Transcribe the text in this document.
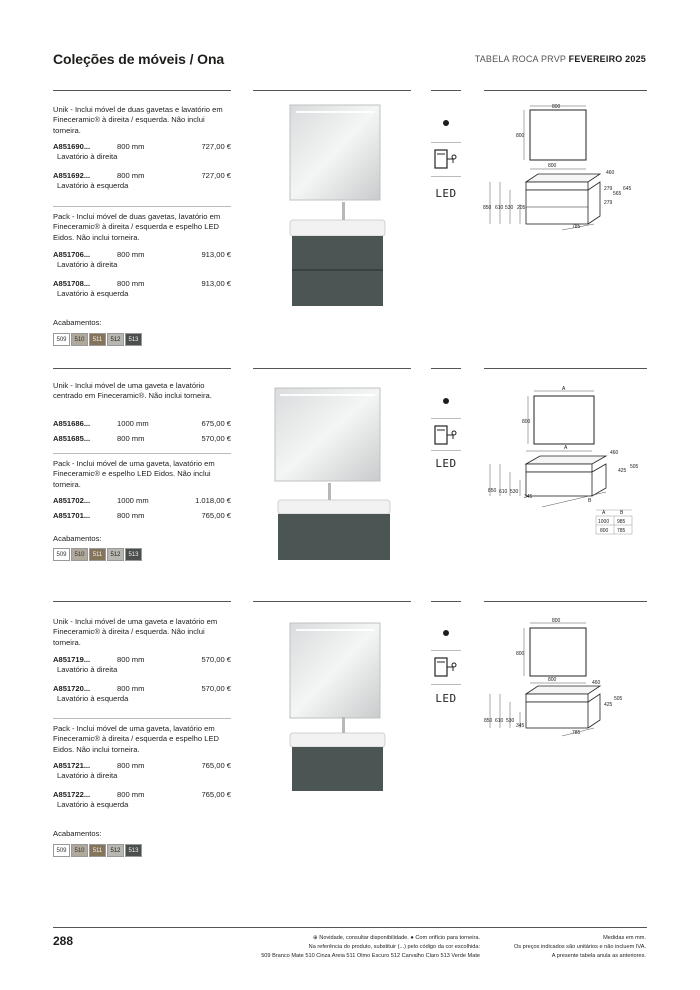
Coleções de móveis / Ona	TABELA ROCA PRVP FEVEREIRO 2025
Unik - Inclui móvel de duas gavetas e lavatório em Fineceramic® à direita / esquerda. Não inclui torneira.
A851690...	800 mm	727,00 €
Lavatório à direita
A851692...	800 mm	727,00 €
Lavatório à esquerda
Pack - Inclui móvel de duas gavetas, lavatório em Fineceramic® à direita / esquerda e espelho LED Eidos. Não inclui torneira.
A851706...	800 mm	913,00 €
Lavatório à direita
A851708...	800 mm	913,00 €
Lavatório à esquerda
Acabamentos:
509	510	511	512	513
LED
800
800
800
460
279
565
645
279
850 610 530 205
785
Unik - Inclui móvel de uma gaveta e lavatório centrado em Fineceramic®. Não inclui torneira.
A851686...	1000 mm	675,00 €
A851685...	800 mm	570,00 €
Pack - Inclui móvel de uma gaveta, lavatório em Fineceramic® e espelho LED Eidos. Não inclui torneira.
A851702...	1000 mm	1.018,00 €
A851701...	800 mm	765,00 €
Acabamentos:
509	510	511	512	513
LED
A
800
A
460
505
425
850 610 530
345
B
A	B
1000 985
800 785
Unik - Inclui móvel de uma gaveta e lavatório em Fineceramic® à direita / esquerda. Não inclui torneira.
A851719...	800 mm	570,00 €
Lavatório à direita
A851720...	800 mm	570,00 €
Lavatório à esquerda
Pack - Inclui móvel de uma gaveta, lavatório em Fineceramic® à direita / esquerda e espelho LED Eidos. Não inclui torneira.
A851721...	800 mm	765,00 €
Lavatório à direita
A851722...	800 mm	765,00 €
Lavatório à esquerda
Acabamentos:
509	510	511	512	513
LED
800
800
800	460
505
425
850 610 530
345
785
288	⊕ Novidade, consultar disponibilidade. ● Com orifício para torneira.
Na referência do produto, substituir (...) pelo código da cor escolhida:
509 Branco Mate 510 Cinza Areia 511 Olmo Escuro 512 Carvalho Claro 513 Verde Mate
Medidas em mm.
Os preços indicados são unitários e não incluem IVA.
A presente tabela anula as anteriores.
